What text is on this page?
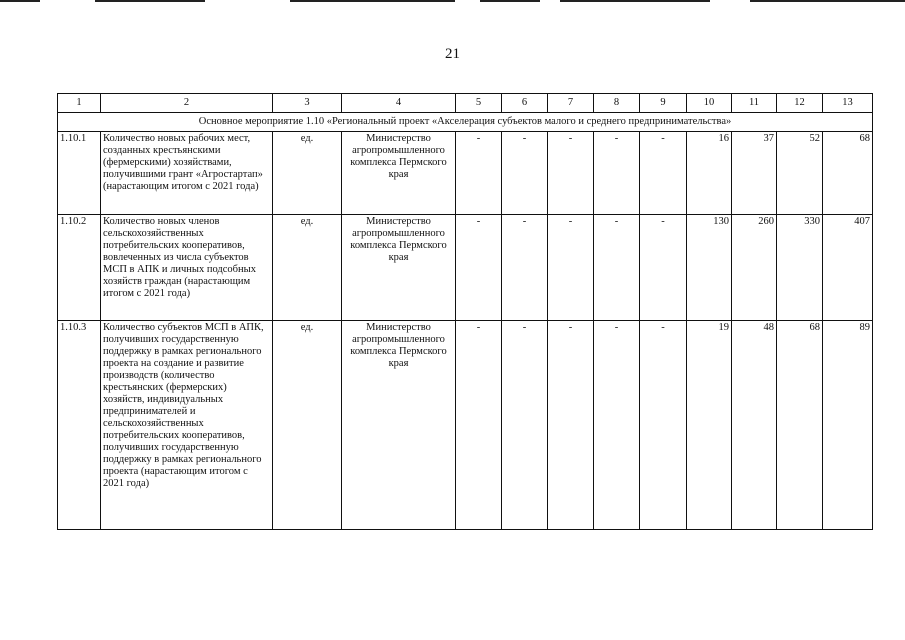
21
1	2	3	4	5	6	7	8	9	10	11	12	13
Основное мероприятие 1.10 «Региональный проект «Акселерация субъектов малого и среднего предпринимательства»												
1.10.1	Количество новых рабочих мест, созданных крестьянскими (фермерскими) хозяйствами, получившими грант «Агростартап» (нарастающим итогом с 2021 года)	ед.	Министерство агропромышленного комплекса Пермского края	-	-	-	-	-	16	37	52	68
1.10.2	Количество новых членов сельскохозяйственных потребительских кооперативов, вовлеченных из числа субъектов МСП в АПК и личных подсобных хозяйств граждан (нарастающим итогом с 2021 года)	ед.	Министерство агропромышленного комплекса Пермского края	-	-	-	-	-	130	260	330	407
1.10.3	Количество субъектов МСП в АПК, получивших государственную поддержку в рамках регионального проекта на создание и развитие производств (количество крестьянских (фермерских) хозяйств, индивидуальных предпринимателей и сельскохозяйственных потребительских кооперативов, получивших государственную поддержку в рамках регионального проекта (нарастающим итогом с 2021 года)	ед.	Министерство агропромышленного комплекса Пермского края	-	-	-	-	-	19	48	68	89
